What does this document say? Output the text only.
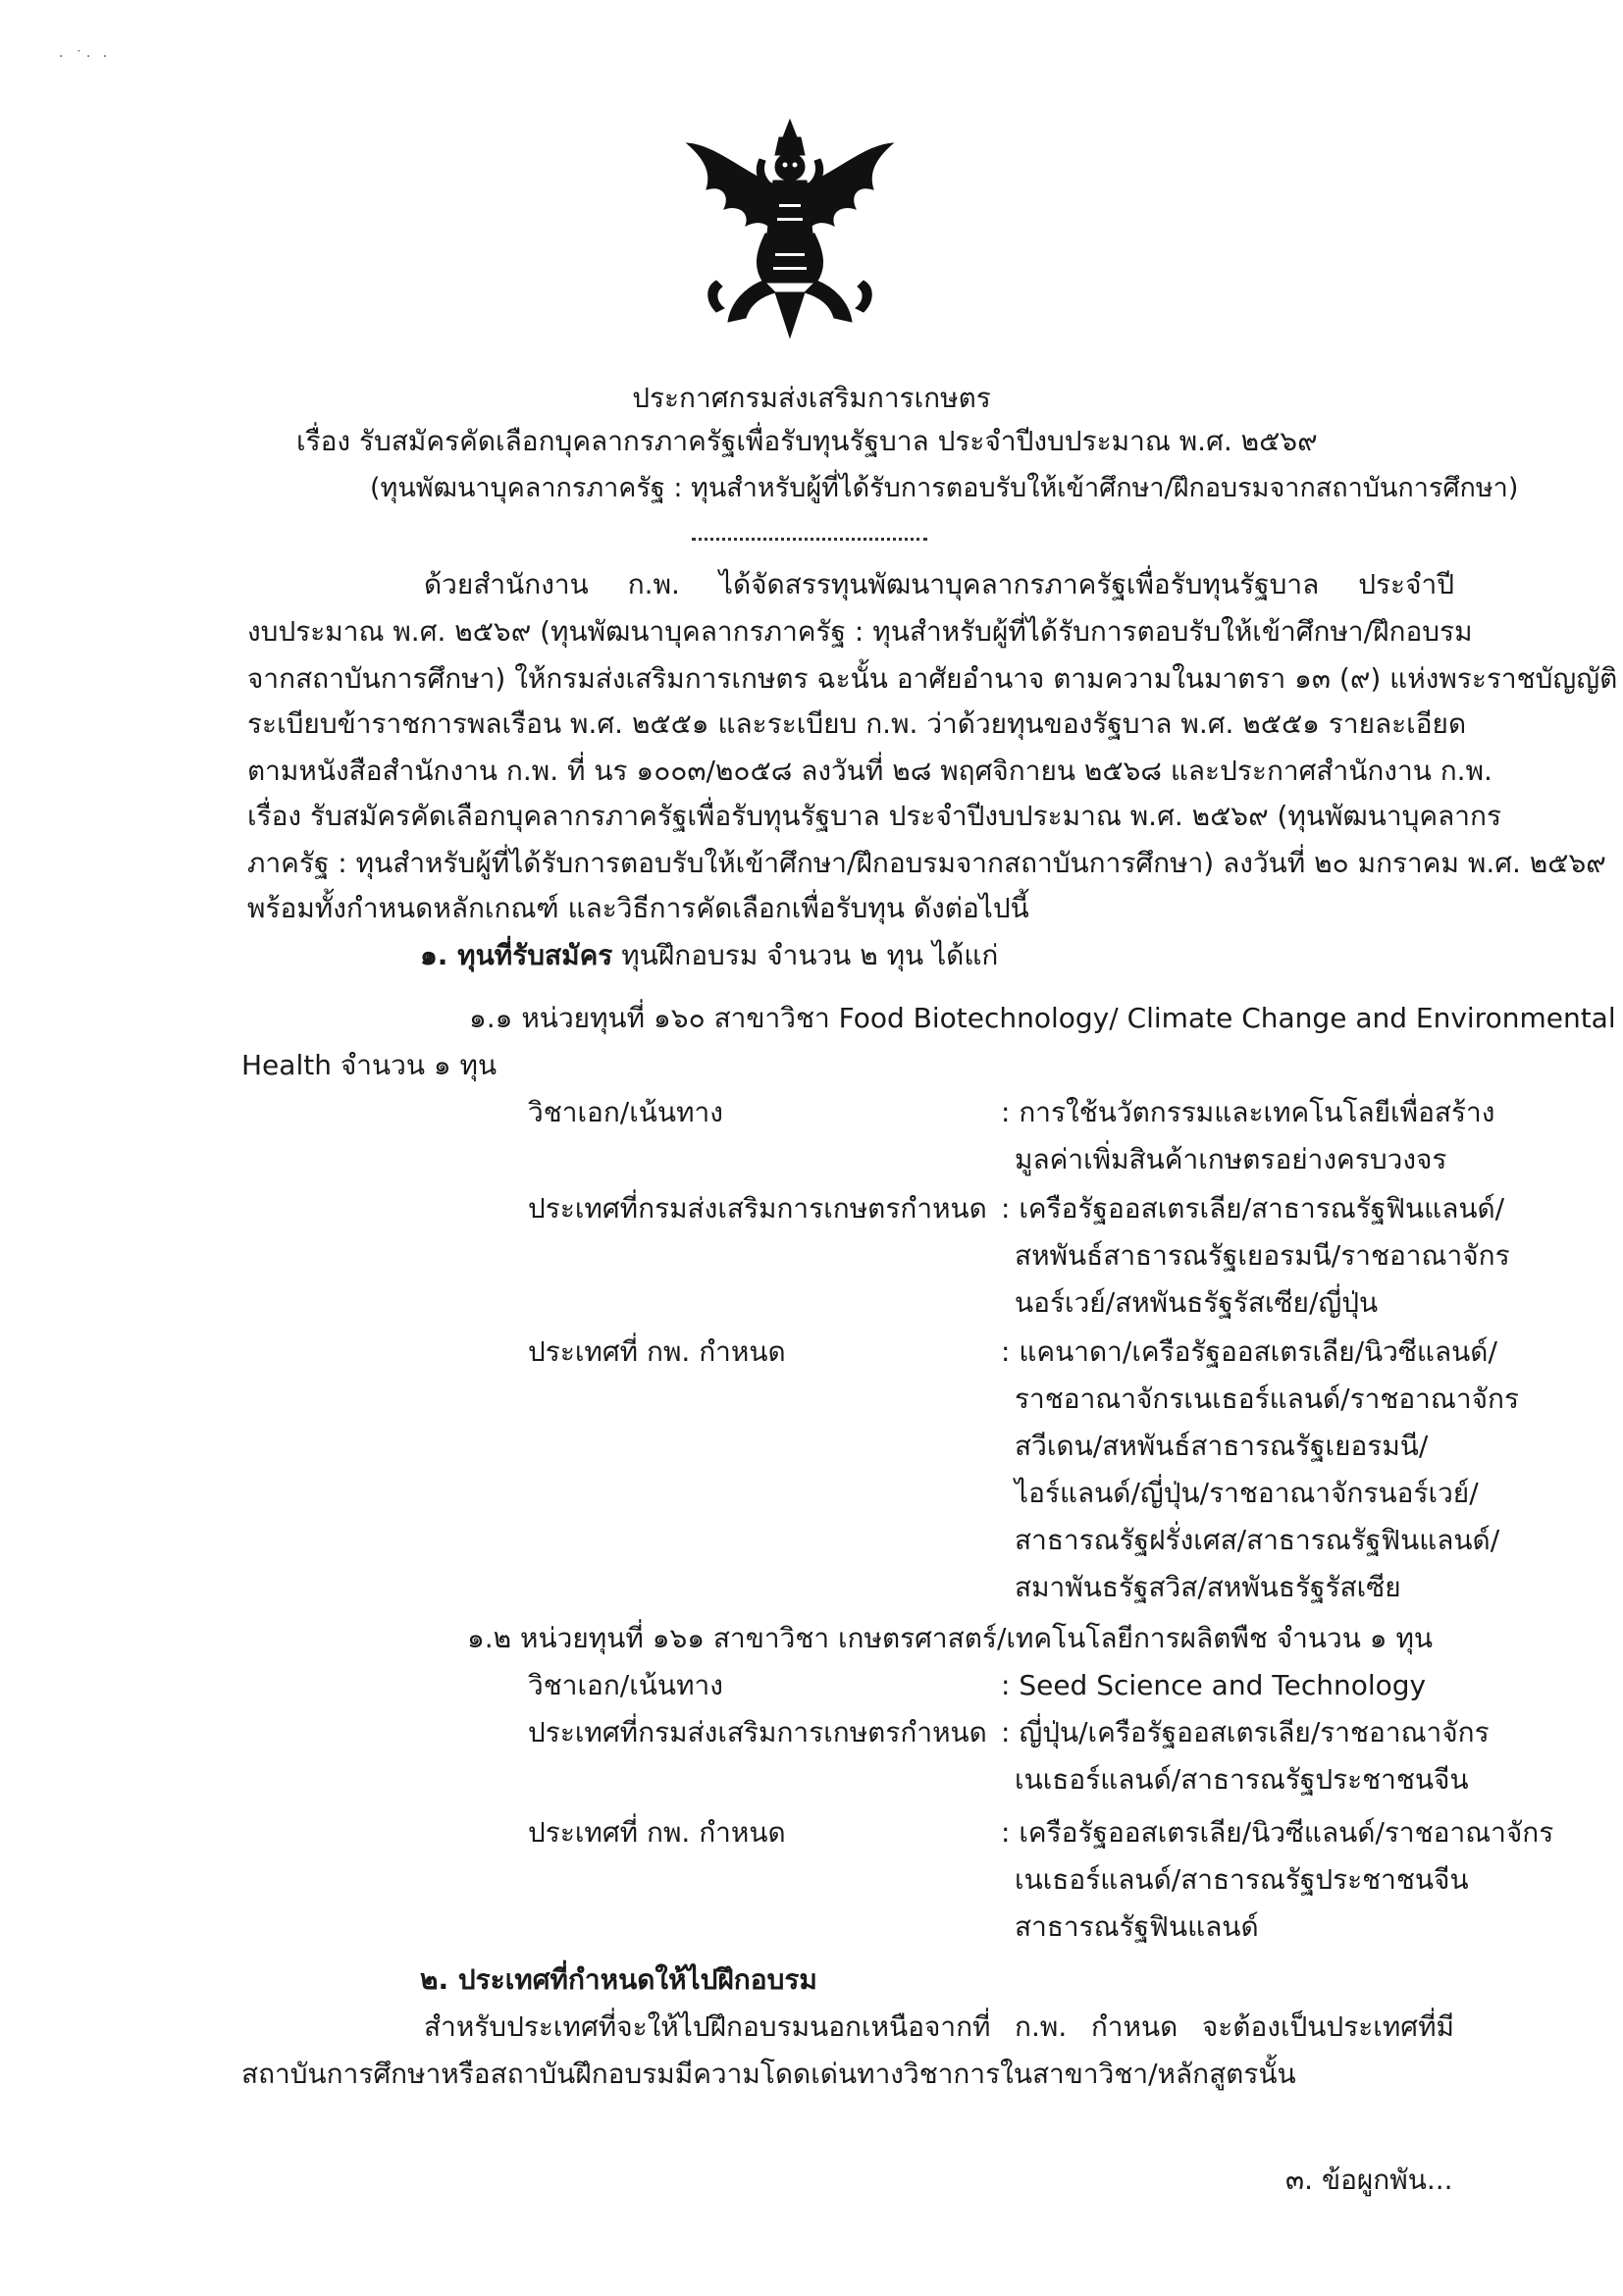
· ˙· ·
ประกาศกรมส่งเสริมการเกษตร
เรื่อง รับสมัครคัดเลือกบุคลากรภาครัฐเพื่อรับทุนรัฐบาล ประจำปีงบประมาณ พ.ศ. ๒๕๖๙
(ทุนพัฒนาบุคลากรภาครัฐ : ทุนสำหรับผู้ที่ได้รับการตอบรับให้เข้าศึกษา/ฝึกอบรมจากสถาบันการศึกษา)
ด้วยสำนักงาน ก.พ. ได้จัดสรรทุนพัฒนาบุคลากรภาครัฐเพื่อรับทุนรัฐบาล ประจำปี
งบประมาณ พ.ศ. ๒๕๖๙ (ทุนพัฒนาบุคลากรภาครัฐ : ทุนสำหรับผู้ที่ได้รับการตอบรับให้เข้าศึกษา/ฝึกอบรม
จากสถาบันการศึกษา) ให้กรมส่งเสริมการเกษตร ฉะนั้น อาศัยอำนาจ ตามความในมาตรา ๑๓ (๙) แห่งพระราชบัญญัติ
ระเบียบข้าราชการพลเรือน พ.ศ. ๒๕๕๑ และระเบียบ ก.พ. ว่าด้วยทุนของรัฐบาล พ.ศ. ๒๕๕๑ รายละเอียด
ตามหนังสือสำนักงาน ก.พ. ที่ นร ๑๐๐๓/๒๐๕๘ ลงวันที่ ๒๘ พฤศจิกายน ๒๕๖๘ และประกาศสำนักงาน ก.พ.
เรื่อง รับสมัครคัดเลือกบุคลากรภาครัฐเพื่อรับทุนรัฐบาล ประจำปีงบประมาณ พ.ศ. ๒๕๖๙ (ทุนพัฒนาบุคลากร
ภาครัฐ : ทุนสำหรับผู้ที่ได้รับการตอบรับให้เข้าศึกษา/ฝึกอบรมจากสถาบันการศึกษา) ลงวันที่ ๒๐ มกราคม พ.ศ. ๒๕๖๙
พร้อมทั้งกำหนดหลักเกณฑ์ และวิธีการคัดเลือกเพื่อรับทุน ดังต่อไปนี้
๑. ทุนที่รับสมัคร ทุนฝึกอบรม จำนวน ๒ ทุน ได้แก่
๑.๑ หน่วยทุนที่ ๑๖๐ สาขาวิชา Food Biotechnology/ Climate Change and Environmental
Health จำนวน ๑ ทุน
วิชาเอก/เน้นทาง	: การใช้นวัตกรรมและเทคโนโลยีเพื่อสร้าง
มูลค่าเพิ่มสินค้าเกษตรอย่างครบวงจร
ประเทศที่กรมส่งเสริมการเกษตรกำหนด : เครือรัฐออสเตรเลีย/สาธารณรัฐฟินแลนด์/
สหพันธ์สาธารณรัฐเยอรมนี/ราชอาณาจักร
นอร์เวย์/สหพันธรัฐรัสเซีย/ญี่ปุ่น
ประเทศที่ กพ. กำหนด	: แคนาดา/เครือรัฐออสเตรเลีย/นิวซีแลนด์/
ราชอาณาจักรเนเธอร์แลนด์/ราชอาณาจักร
สวีเดน/สหพันธ์สาธารณรัฐเยอรมนี/
ไอร์แลนด์/ญี่ปุ่น/ราชอาณาจักรนอร์เวย์/
สาธารณรัฐฝรั่งเศส/สาธารณรัฐฟินแลนด์/
สมาพันธรัฐสวิส/สหพันธรัฐรัสเซีย
๑.๒ หน่วยทุนที่ ๑๖๑ สาขาวิชา เกษตรศาสตร์/เทคโนโลยีการผลิตพืช จำนวน ๑ ทุน
วิชาเอก/เน้นทาง	: Seed Science and Technology
ประเทศที่กรมส่งเสริมการเกษตรกำหนด : ญี่ปุ่น/เครือรัฐออสเตรเลีย/ราชอาณาจักร
เนเธอร์แลนด์/สาธารณรัฐประชาชนจีน
ประเทศที่ กพ. กำหนด	: เครือรัฐออสเตรเลีย/นิวซีแลนด์/ราชอาณาจักร
เนเธอร์แลนด์/สาธารณรัฐประชาชนจีน
สาธารณรัฐฟินแลนด์
๒. ประเทศที่กำหนดให้ไปฝึกอบรม
สำหรับประเทศที่จะให้ไปฝึกอบรมนอกเหนือจากที่ ก.พ. กำหนด จะต้องเป็นประเทศที่มี
สถาบันการศึกษาหรือสถาบันฝึกอบรมมีความโดดเด่นทางวิชาการในสาขาวิชา/หลักสูตรนั้น
๓. ข้อผูกพัน...
